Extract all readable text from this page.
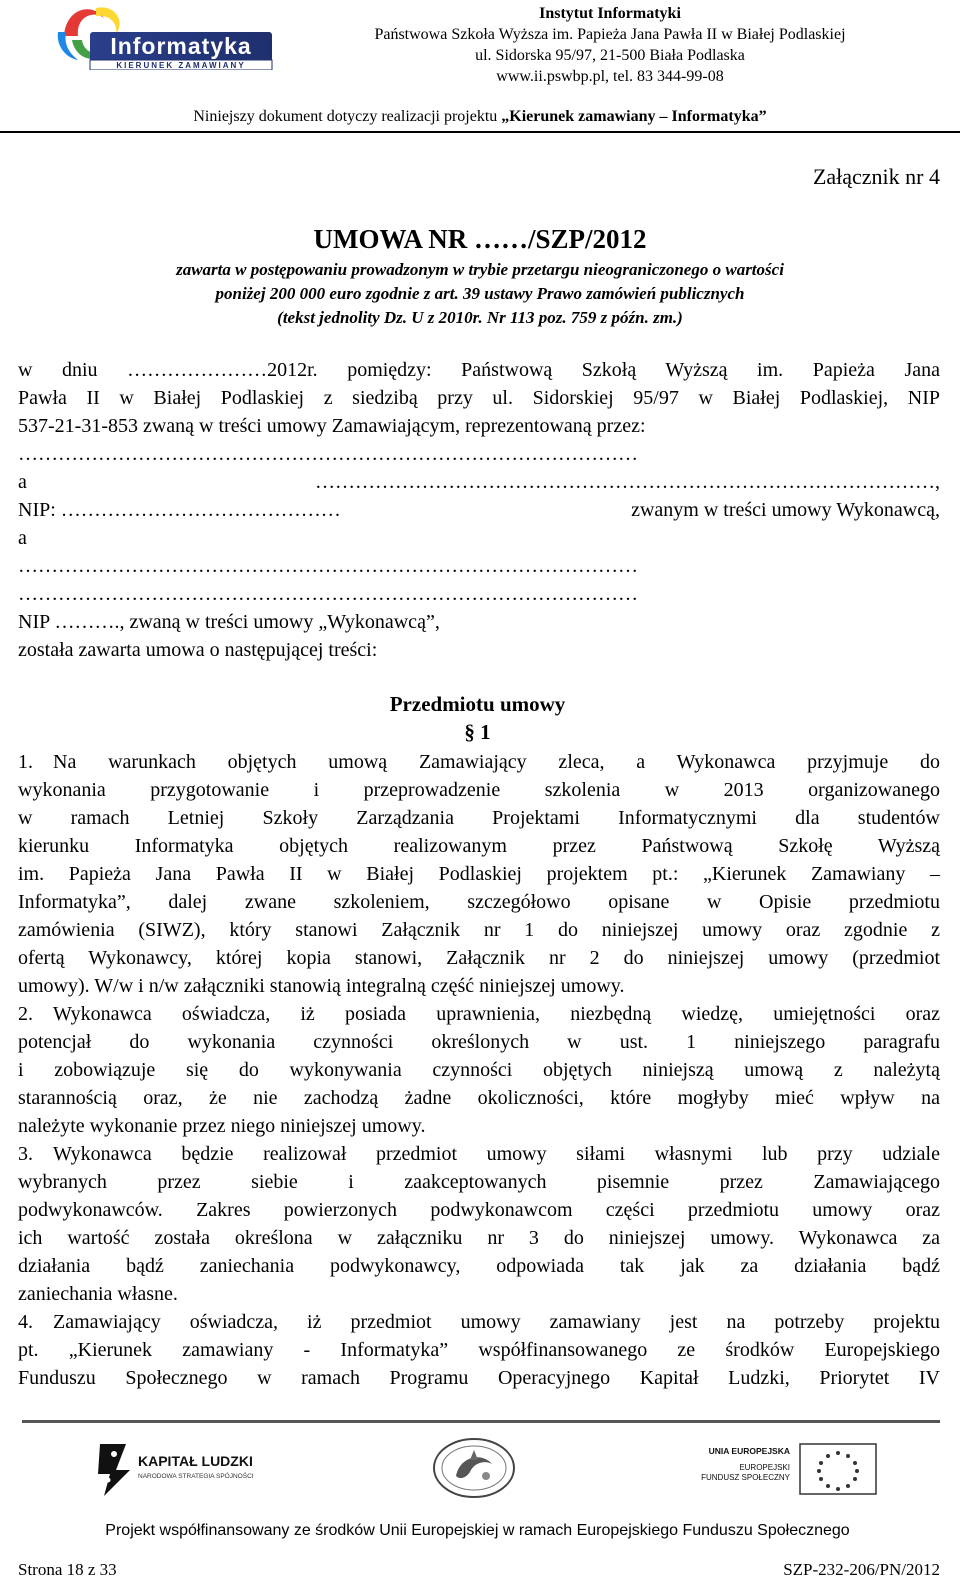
Informatyka
KIERUNEK ZAMAWIANY
Instytut Informatyki
Państwowa Szkoła Wyższa im. Papieża Jana Pawła II w Białej Podlaskiej
ul. Sidorska 95/97, 21-500 Biała Podlaska
www.ii.pswbp.pl, tel. 83 344-99-08
Niniejszy dokument dotyczy realizacji projektu „Kierunek zamawiany – Informatyka”
Załącznik nr 4
UMOWA NR ……/SZP/2012
zawarta w postępowaniu prowadzonym w trybie przetargu nieograniczonego o wartości
poniżej 200 000 euro zgodnie z art. 39 ustawy Prawo zamówień publicznych
(tekst jednolity Dz. U z 2010r. Nr 113 poz. 759 z późn. zm.)
w dniu …………………2012r. pomiędzy: Państwową Szkołą Wyższą im. Papieża Jana
Pawła II w Białej Podlaskiej z siedzibą przy ul. Sidorskiej 95/97 w Białej Podlaskiej, NIP
537-21-31-853 zwaną w treści umowy Zamawiającym, reprezentowaną przez:
…………………………………………………………………………………
a …………………………………………………………………………………,
NIP: ……………………………………	zwanym w treści umowy Wykonawcą,
a
…………………………………………………………………………………
…………………………………………………………………………………
NIP ………., zwaną w treści umowy „Wykonawcą”,
została zawarta umowa o następującej treści:
Przedmiotu umowy
§ 1
1. Na warunkach objętych umową Zamawiający zleca, a Wykonawca przyjmuje do
wykonania przygotowanie i przeprowadzenie szkolenia w 2013 organizowanego
w ramach Letniej Szkoły Zarządzania Projektami Informatycznymi dla studentów
kierunku Informatyka objętych realizowanym przez Państwową Szkołę Wyższą
im. Papieża Jana Pawła II w Białej Podlaskiej projektem pt.: „Kierunek Zamawiany –
Informatyka”, dalej zwane szkoleniem, szczegółowo opisane w Opisie przedmiotu
zamówienia (SIWZ), który stanowi Załącznik nr 1 do niniejszej umowy oraz zgodnie z
ofertą Wykonawcy, której kopia stanowi, Załącznik nr 2 do niniejszej umowy (przedmiot
umowy). W/w i n/w załączniki stanowią integralną część niniejszej umowy.
2. Wykonawca oświadcza, iż posiada uprawnienia, niezbędną wiedzę, umiejętności oraz
potencjał do wykonania czynności określonych w ust. 1 niniejszego paragrafu
i zobowiązuje się do wykonywania czynności objętych niniejszą umową z należytą
starannością oraz, że nie zachodzą żadne okoliczności, które mogłyby mieć wpływ na
należyte wykonanie przez niego niniejszej umowy.
3. Wykonawca będzie realizował przedmiot umowy siłami własnymi lub przy udziale
wybranych przez siebie i zaakceptowanych pisemnie przez Zamawiającego
podwykonawców. Zakres powierzonych podwykonawcom części przedmiotu umowy oraz
ich wartość została określona w załączniku nr 3 do niniejszej umowy. Wykonawca za
działania bądź zaniechania podwykonawcy, odpowiada tak jak za działania bądź
zaniechania własne.
4. Zamawiający oświadcza, iż przedmiot umowy zamawiany jest na potrzeby projektu
pt. „Kierunek zamawiany - Informatyka” współfinansowanego ze środków Europejskiego
Funduszu Społecznego w ramach Programu Operacyjnego Kapitał Ludzki, Priorytet IV
KAPITAŁ LUDZKI
NARODOWA STRATEGIA SPÓJNOŚCI
UNIA EUROPEJSKA
EUROPEJSKI
FUNDUSZ SPOŁECZNY
Projekt współfinansowany ze środków Unii Europejskiej w ramach Europejskiego Funduszu Społecznego
Strona 18 z 33	SZP-232-206/PN/2012
